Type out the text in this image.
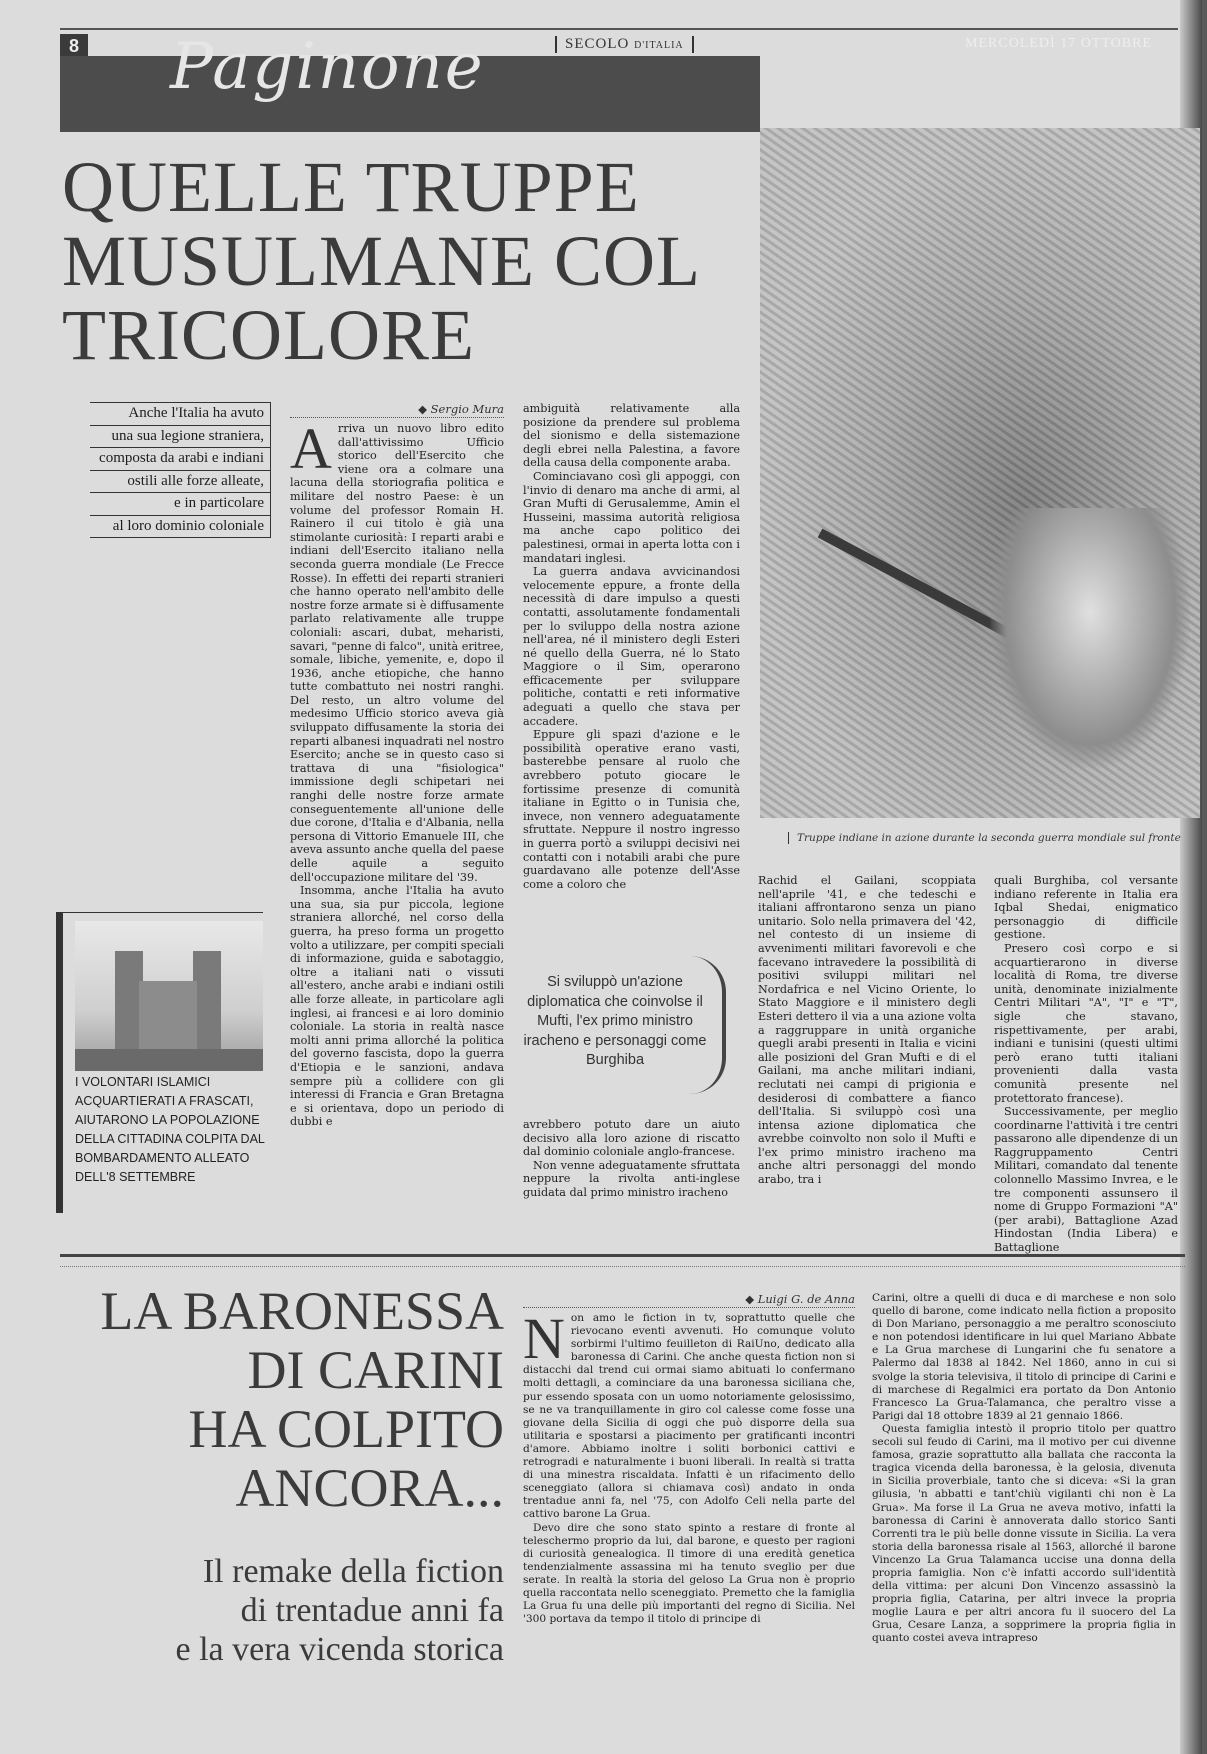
8	SECOLO D'ITALIA	MERCOLEDÌ 17 OTTOBRE
Paginone
QUELLE TRUPPE MUSULMANE COL TRICOLORE
Truppe indiane in azione durante la seconda guerra mondiale sul fronte
Anche l'Italia ha avuto
una sua legione straniera,
composta da arabi e indiani
ostili alle forze alleate,
e in particolare
al loro dominio coloniale
◆ Sergio Mura
A rriva un nuovo libro edito dall'attivissimo Ufficio storico dell'Esercito che viene ora a colmare una lacuna della storiografia politica e militare del nostro Paese: è un volume del professor Romain H. Rainero il cui titolo è già una stimolante curiosità: I reparti arabi e indiani dell'Esercito italiano nella seconda guerra mondiale (Le Frecce Rosse). In effetti dei reparti stranieri che hanno operato nell'ambito delle nostre forze armate si è diffusamente parlato relativamente alle truppe coloniali: ascari, dubat, meharisti, savari, "penne di falco", unità eritree, somale, libiche, yemenite, e, dopo il 1936, anche etiopiche, che hanno tutte combattuto nei nostri ranghi. Del resto, un altro volume del medesimo Ufficio storico aveva già sviluppato diffusamente la storia dei reparti albanesi inquadrati nel nostro Esercito; anche se in questo caso si trattava di una "fisiologica" immissione degli schipetari nei ranghi delle nostre forze armate conseguentemente all'unione delle due corone, d'Italia e d'Albania, nella persona di Vittorio Emanuele III, che aveva assunto anche quella del paese delle aquile a seguito dell'occupazione militare del '39.

Insomma, anche l'Italia ha avuto una sua, sia pur piccola, legione straniera allorché, nel corso della guerra, ha preso forma un progetto volto a utilizzare, per compiti speciali di informazione, guida e sabotaggio, oltre a italiani nati o vissuti all'estero, anche arabi e indiani ostili alle forze alleate, in particolare agli inglesi, ai francesi e ai loro dominio coloniale. La storia in realtà nasce molti anni prima allorché la politica del governo fascista, dopo la guerra d'Etiopia e le sanzioni, andava sempre più a collidere con gli interessi di Francia e Gran Bretagna e si orientava, dopo un periodo di dubbi e

ambiguità relativamente alla posizione da prendere sul problema del sionismo e della sistemazione degli ebrei nella Palestina, a favore della causa della componente araba.

Cominciavano così gli appoggi, con l'invio di denaro ma anche di armi, al Gran Mufti di Gerusalemme, Amin el Husseini, massima autorità religiosa ma anche capo politico dei palestinesi, ormai in aperta lotta con i mandatari inglesi.

La guerra andava avvicinandosi velocemente eppure, a fronte della necessità di dare impulso a questi contatti, assolutamente fondamentali per lo sviluppo della nostra azione nell'area, né il ministero degli Esteri né quello della Guerra, né lo Stato Maggiore o il Sim, operarono efficacemente per sviluppare politiche, contatti e reti informative adeguati a quello che stava per accadere.

Eppure gli spazi d'azione e le possibilità operative erano vasti, basterebbe pensare al ruolo che avrebbero potuto giocare le fortissime presenze di comunità italiane in Egitto o in Tunisia che, invece, non vennero adeguatamente sfruttate. Neppure il nostro ingresso in guerra portò a sviluppi decisivi nei contatti con i notabili arabi che pure guardavano alle potenze dell'Asse come a coloro che

Si sviluppò un'azione diplomatica che coinvolse il Mufti, l'ex primo ministro iracheno e personaggi come Burghiba

avrebbero potuto dare un aiuto decisivo alla loro azione di riscatto dal dominio coloniale anglo-francese.

Non venne adeguatamente sfruttata neppure la rivolta anti-inglese guidata dal primo ministro iracheno

Rachid el Gailani, scoppiata nell'aprile '41, e che tedeschi e italiani affrontarono senza un piano unitario. Solo nella primavera del '42, nel contesto di un insieme di avvenimenti militari favorevoli e che facevano intravedere la possibilità di positivi sviluppi militari nel Nordafrica e nel Vicino Oriente, lo Stato Maggiore e il ministero degli Esteri dettero il via a una azione volta a raggruppare in unità organiche quegli arabi presenti in Italia e vicini alle posizioni del Gran Mufti e di el Gailani, ma anche militari indiani, reclutati nei campi di prigionia e desiderosi di combattere a fianco dell'Italia. Si sviluppò così una intensa azione diplomatica che avrebbe coinvolto non solo il Mufti e l'ex primo ministro iracheno ma anche altri personaggi del mondo arabo, tra i

quali Burghiba, col versante indiano referente in Italia era Iqbal Shedai, enigmatico personaggio di difficile gestione.

Presero così corpo e si acquartierarono in diverse località di Roma, tre diverse unità, denominate inizialmente Centri Militari "A", "I" e "T", sigle che stavano, rispettivamente, per arabi, indiani e tunisini (questi ultimi però erano tutti italiani provenienti dalla vasta comunità presente nel protettorato francese).

Successivamente, per meglio coordinarne l'attività i tre centri passarono alle dipendenze di un Raggruppamento Centri Militari, comandato dal tenente colonnello Massimo Invrea, e le tre componenti assunsero il nome di Gruppo Formazioni "A" (per arabi), Battaglione Azad Hindostan (India Libera) e Battaglione

I VOLONTARI ISLAMICI ACQUARTIERATI A FRASCATI, AIUTARONO LA POPOLAZIONE DELLA CITTADINA COLPITA DAL BOMBARDAMENTO ALLEATO DELL'8 SETTEMBRE
LA BARONESSA
DI CARINI
HA COLPITO
ANCORA...
Il remake della fiction
di trentadue anni fa
e la vera vicenda storica
◆ Luigi G. de Anna
N on amo le fiction in tv, soprattutto quelle che rievocano eventi avvenuti. Ho comunque voluto sorbirmi l'ultimo feuilleton di RaiUno, dedicato alla baronessa di Carini. Che anche questa fiction non si distacchi dal trend cui ormai siamo abituati lo confermano molti dettagli, a cominciare da una baronessa siciliana che, pur essendo sposata con un uomo notoriamente gelosissimo, se ne va tranquillamente in giro col calesse come fosse una giovane della Sicilia di oggi che può disporre della sua utilitaria e spostarsi a piacimento per gratificanti incontri d'amore. Abbiamo inoltre i soliti borbonici cattivi e retrogradi e naturalmente i buoni liberali. In realtà si tratta di una minestra riscaldata. Infatti è un rifacimento dello sceneggiato (allora si chiamava così) andato in onda trentadue anni fa, nel '75, con Adolfo Celi nella parte del cattivo barone La Grua.

Devo dire che sono stato spinto a restare di fronte al teleschermo proprio da lui, dal barone, e questo per ragioni di curiosità genealogica. Il timore di una eredità genetica tendenzialmente assassina mi ha tenuto sveglio per due serate. In realtà la storia del geloso La Grua non è proprio quella raccontata nello sceneggiato. Premetto che la famiglia La Grua fu una delle più importanti del regno di Sicilia. Nel '300 portava da tempo il titolo di principe di

Carini, oltre a quelli di duca e di marchese e non solo quello di barone, come indicato nella fiction a proposito di Don Mariano, personaggio a me peraltro sconosciuto e non potendosi identificare in lui quel Mariano Abbate e La Grua marchese di Lungarini che fu senatore a Palermo dal 1838 al 1842. Nel 1860, anno in cui si svolge la storia televisiva, il titolo di principe di Carini e di marchese di Regalmici era portato da Don Antonio Francesco La Grua-Talamanca, che peraltro visse a Parigi dal 18 ottobre 1839 al 21 gennaio 1866.

Questa famiglia intestò il proprio titolo per quattro secoli sul feudo di Carini, ma il motivo per cui divenne famosa, grazie soprattutto alla ballata che racconta la tragica vicenda della baronessa, è la gelosia, divenuta in Sicilia proverbiale, tanto che si diceva: «Si la gran gilusia, 'n abbatti e tant'chiù vigilanti chi non è La Grua». Ma forse il La Grua ne aveva motivo, infatti la baronessa di Carini è annoverata dallo storico Santi Correnti tra le più belle donne vissute in Sicilia. La vera storia della baronessa risale al 1563, allorché il barone Vincenzo La Grua Talamanca uccise una donna della propria famiglia. Non c'è infatti accordo sull'identità della vittima: per alcuni Don Vincenzo assassinò la propria figlia, Catarina, per altri invece la propria moglie Laura e per altri ancora fu il suocero del La Grua, Cesare Lanza, a sopprimere la propria figlia in quanto costei aveva intrapreso
